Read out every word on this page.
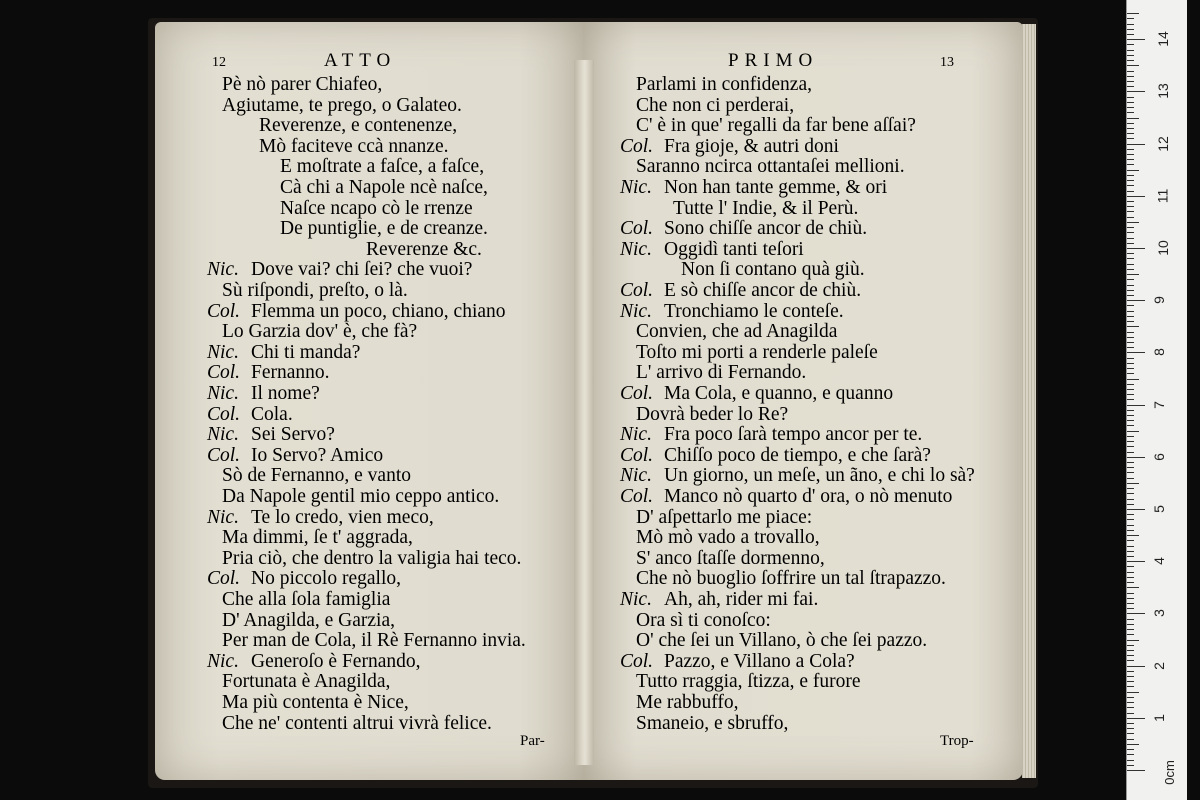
12	ATTO	PRIMO	13
Pè nò parer Chiafeo,
Agiutame, te prego, o Galateo.
Reverenze, e contenenze,
Mò faciteve ccà nnanze.
E moſtrate a faſce, a faſce,
Cà chi a Napole ncè naſce,
Naſce ncapo cò le rrenze
De puntiglie, e de creanze.
Reverenze &c.
Nic. Dove vai? chi ſei? che vuoi?
Sù riſpondi, preſto, o là.
Col. Flemma un poco, chiano, chiano
Lo Garzia dov' è, che fà?
Nic. Chi ti manda?
Col. Fernanno.
Nic. Il nome?
Col. Cola.
Nic. Sei Servo?
Col. Io Servo? Amico
Sò de Fernanno, e vanto
Da Napole gentil mio ceppo antico.
Nic. Te lo credo, vien meco,
Ma dimmi, ſe t' aggrada,
Pria ciò, che dentro la valigia hai teco.
Col. No piccolo regallo,
Che alla ſola famiglia
D' Anagilda, e Garzia,
Per man de Cola, il Rè Fernanno invia.
Nic. Generoſo è Fernando,
Fortunata è Anagilda,
Ma più contenta è Nice,
Che ne' contenti altrui vivrà felice.
Parlami in confidenza,
Che non ci perderai,
C' è in que' regalli da far bene aſſai?
Col. Fra gioje, & autri doni
Saranno ncirca ottantaſei mellioni.
Nic. Non han tante gemme, & ori
Tutte l' Indie, & il Perù.
Col. Sono chiſſe ancor de chiù.
Nic. Oggidì tanti teſori
Non ſi contano quà giù.
Col. E sò chiſſe ancor de chiù.
Nic. Tronchiamo le conteſe.
Convien, che ad Anagilda
Toſto mi porti a renderle paleſe
L' arrivo di Fernando.
Col. Ma Cola, e quanno, e quanno
Dovrà beder lo Re?
Nic. Fra poco ſarà tempo ancor per te.
Col. Chiſſo poco de tiempo, e che ſarà?
Nic. Un giorno, un meſe, un ãno, e chi lo sà?
Col. Manco nò quarto d' ora, o nò menuto
D' aſpettarlo me piace:
Mò mò vado a trovallo,
S' anco ſtaſſe dormenno,
Che nò buoglio ſoffrire un tal ſtrapazzo.
Nic. Ah, ah, rider mi fai.
Ora sì ti conoſco:
O' che ſei un Villano, ò che ſei pazzo.
Col. Pazzo, e Villano a Cola?
Tutto rraggia, ſtizza, e furore
Me rabbuffo,
Smaneio, e sbruffo,
Par-	Trop-
0cm
1
2
3
4
5
6
7
8
9
10
11
12
13
14
